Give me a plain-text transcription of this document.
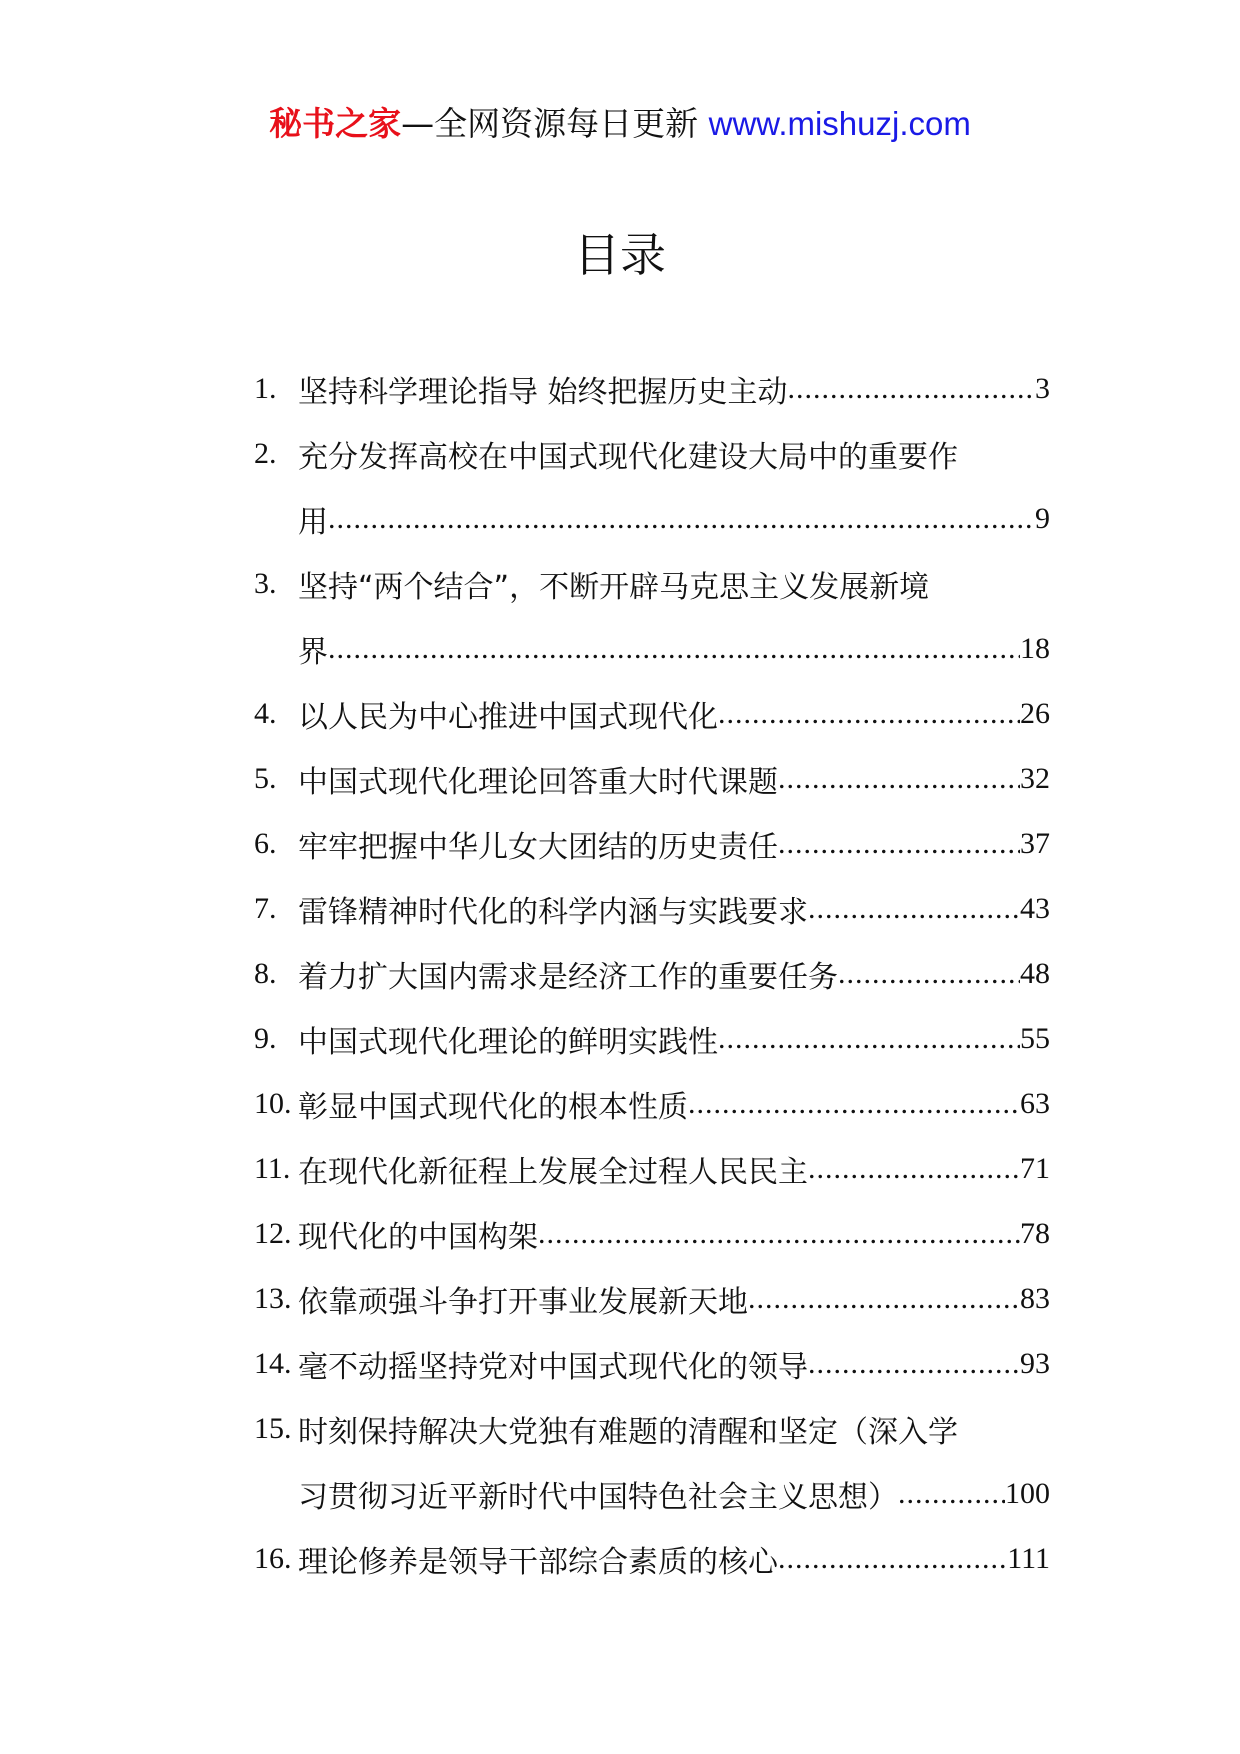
秘书之家—全网资源每日更新 www.mishuzj.com
目录
1. 坚持科学理论指导 始终把握历史主动 .....	3
2. 充分发挥高校在中国式现代化建设大局中的重要作
用 .....	9
3. 坚持“两个结合”，不断开辟马克思主义发展新境
界 .....	18
4. 以人民为中心推进中国式现代化 .....	26
5. 中国式现代化理论回答重大时代课题 .....	32
6. 牢牢把握中华儿女大团结的历史责任 .....	37
7. 雷锋精神时代化的科学内涵与实践要求 .....	43
8. 着力扩大国内需求是经济工作的重要任务 .....	48
9. 中国式现代化理论的鲜明实践性 .....	55
10. 彰显中国式现代化的根本性质 .....	63
11. 在现代化新征程上发展全过程人民民主 .....	71
12. 现代化的中国构架 .....	78
13. 依靠顽强斗争打开事业发展新天地 .....	83
14. 毫不动摇坚持党对中国式现代化的领导 .....	93
15. 时刻保持解决大党独有难题的清醒和坚定（深入学
习贯彻习近平新时代中国特色社会主义思想） .....	100
16. 理论修养是领导干部综合素质的核心 .....	111
